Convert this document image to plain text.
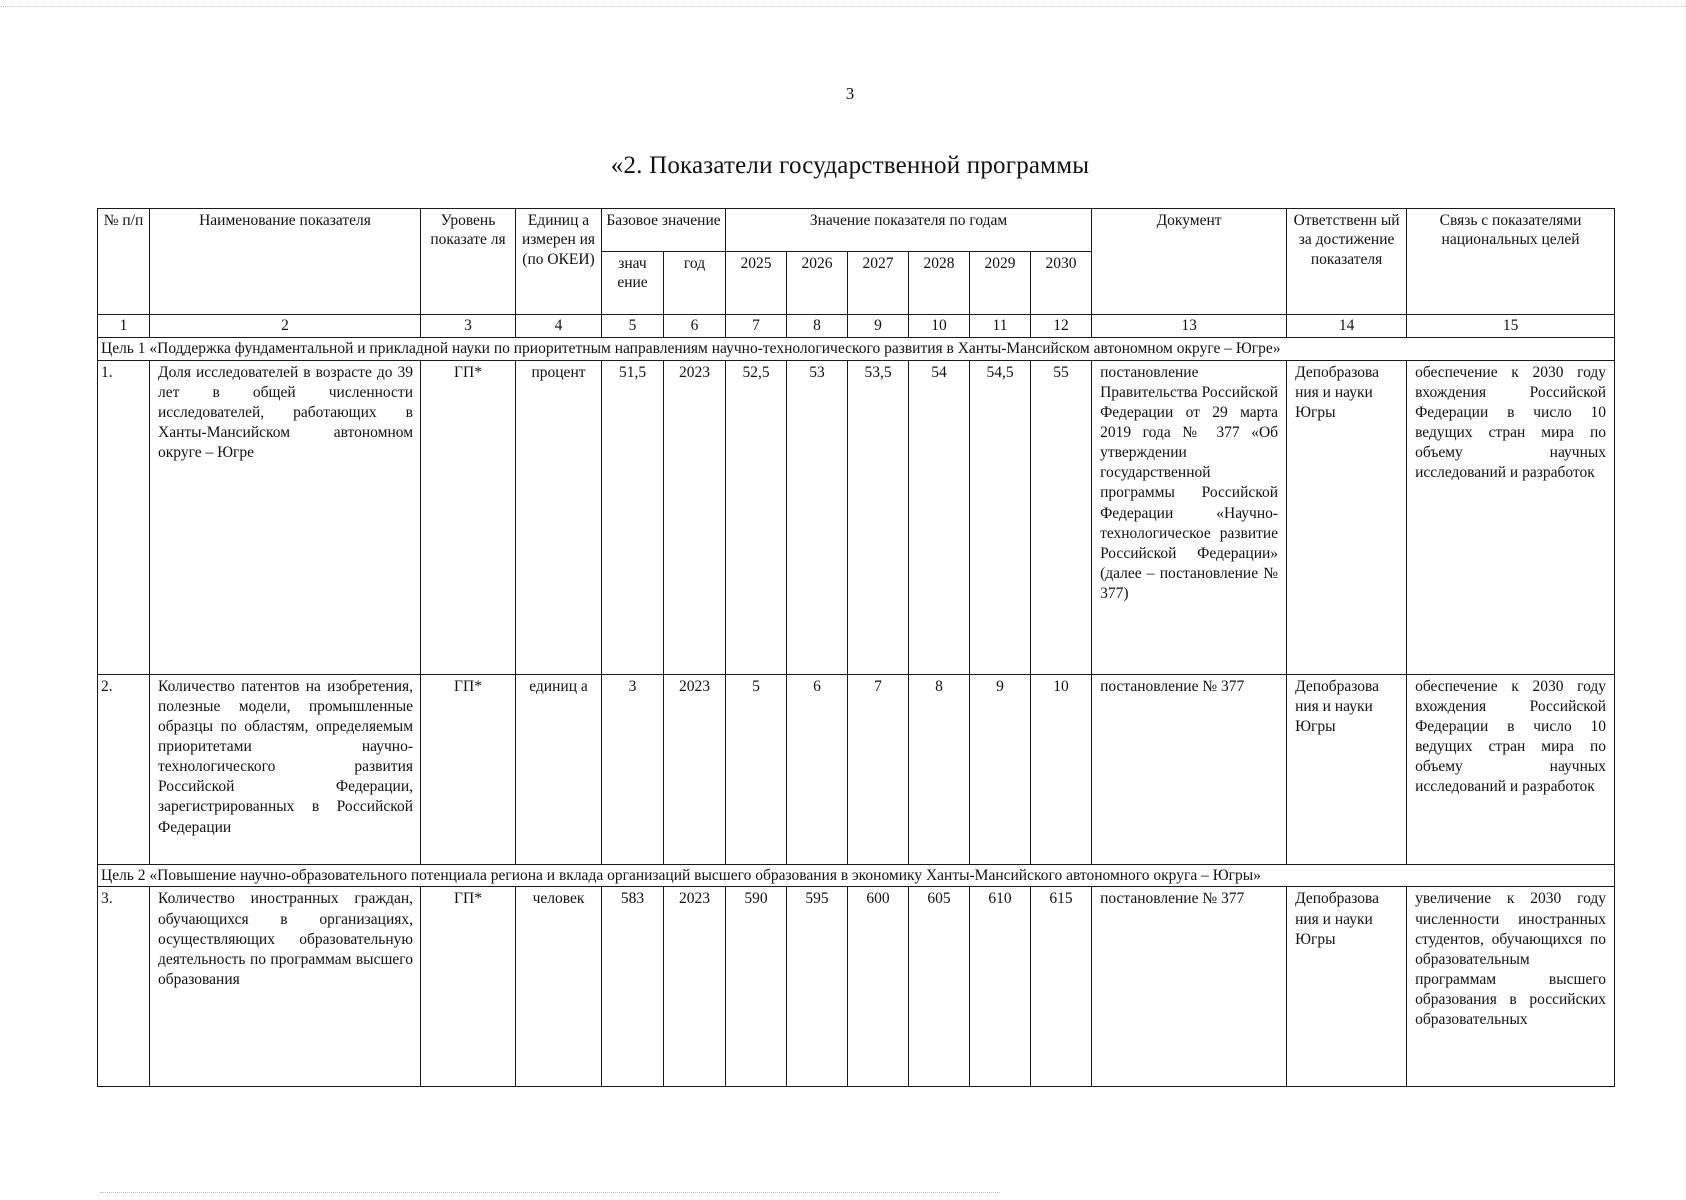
3
«2. Показатели государственной программы
№ п/п	Наименование показателя	Уровень показате ля	Единиц а измерен ия (по ОКЕИ)	Базовое значение		Значение показателя по годам						Документ	Ответственн ый за достижение показателя	Связь с показателями национальных целей
				знач ение	год	2025	2026	2027	2028	2029	2030			
1	2	3	4	5	6	7	8	9	10	11	12	13	14	15
Цель 1 «Поддержка фундаментальной и прикладной науки по приоритетным направлениям научно-технологического развития в Ханты-Мансийском автономном округе – Югре»														
1.	Доля исследователей в возрасте до 39 лет в общей численности исследователей, работающих в Ханты-Мансийском автономном округе – Югре	ГП*	процент	51,5	2023	52,5	53	53,5	54	54,5	55	постановление Правительства Российской Федерации от 29 марта 2019 года № 377 «Об утверждении государственной программы Российской Федерации «Научно-технологическое развитие Российской Федерации» (далее – постановление № 377)	Депобразова ния и науки Югры	обеспечение к 2030 году вхождения Российской Федерации в число 10 ведущих стран мира по объему научных исследований и разработок
2.	Количество патентов на изобретения, полезные модели, промышленные образцы по областям, определяемым приоритетами научно-технологического развития Российской Федерации, зарегистрированных в Российской Федерации	ГП*	единиц а	3	2023	5	6	7	8	9	10	постановление № 377	Депобразова ния и науки Югры	обеспечение к 2030 году вхождения Российской Федерации в число 10 ведущих стран мира по объему научных исследований и разработок
Цель 2 «Повышение научно-образовательного потенциала региона и вклада организаций высшего образования в экономику Ханты-Мансийского автономного округа – Югры»														
3.	Количество иностранных граждан, обучающихся в организациях, осуществляющих образовательную деятельность по программам высшего образования	ГП*	человек	583	2023	590	595	600	605	610	615	постановление № 377	Депобразова ния и науки Югры	увеличение к 2030 году численности иностранных студентов, обучающихся по образовательным программам высшего образования в российских образовательных
